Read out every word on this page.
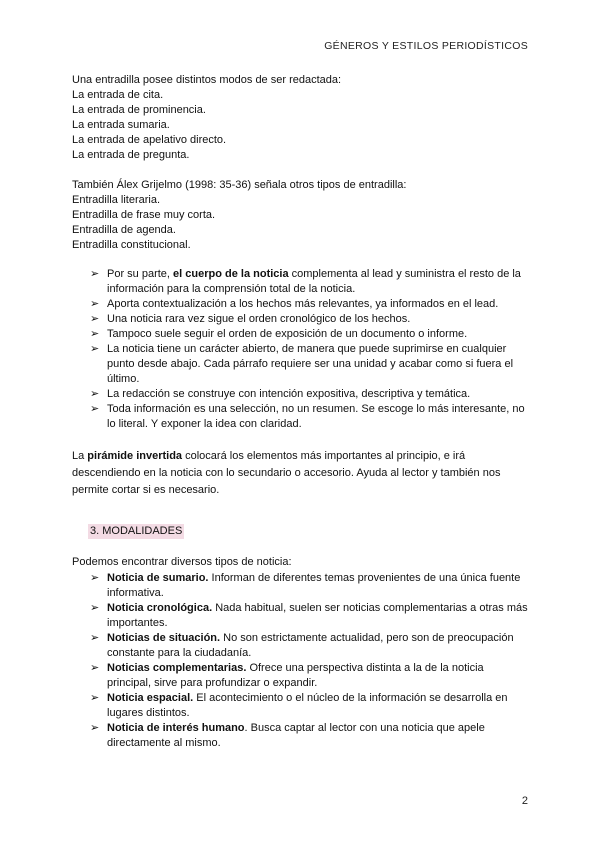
GÉNEROS Y ESTILOS PERIODÍSTICOS
Una entradilla posee distintos modos de ser redactada:
La entrada de cita.
La entrada de prominencia.
La entrada sumaria.
La entrada de apelativo directo.
La entrada de pregunta.
También Álex Grijelmo (1998: 35-36) señala otros tipos de entradilla:
Entradilla literaria.
Entradilla de frase muy corta.
Entradilla de agenda.
Entradilla constitucional.
➢ Por su parte, el cuerpo de la noticia complementa al lead y suministra el resto de la información para la comprensión total de la noticia.
➢ Aporta contextualización a los hechos más relevantes, ya informados en el lead.
➢ Una noticia rara vez sigue el orden cronológico de los hechos.
➢ Tampoco suele seguir el orden de exposición de un documento o informe.
➢ La noticia tiene un carácter abierto, de manera que puede suprimirse en cualquier punto desde abajo. Cada párrafo requiere ser una unidad y acabar como si fuera el último.
➢ La redacción se construye con intención expositiva, descriptiva y temática.
➢ Toda información es una selección, no un resumen. Se escoge lo más interesante, no lo literal. Y exponer la idea con claridad.
La pirámide invertida colocará los elementos más importantes al principio, e irá descendiendo en la noticia con lo secundario o accesorio. Ayuda al lector y también nos permite cortar si es necesario.
3. MODALIDADES
Podemos encontrar diversos tipos de noticia:
➢ Noticia de sumario. Informan de diferentes temas provenientes de una única fuente informativa.
➢ Noticia cronológica. Nada habitual, suelen ser noticias complementarias a otras más importantes.
➢ Noticias de situación. No son estrictamente actualidad, pero son de preocupación constante para la ciudadanía.
➢ Noticias complementarias. Ofrece una perspectiva distinta a la de la noticia principal, sirve para profundizar o expandir.
➢ Noticia espacial. El acontecimiento o el núcleo de la información se desarrolla en lugares distintos.
➢ Noticia de interés humano. Busca captar al lector con una noticia que apele directamente al mismo.
2
